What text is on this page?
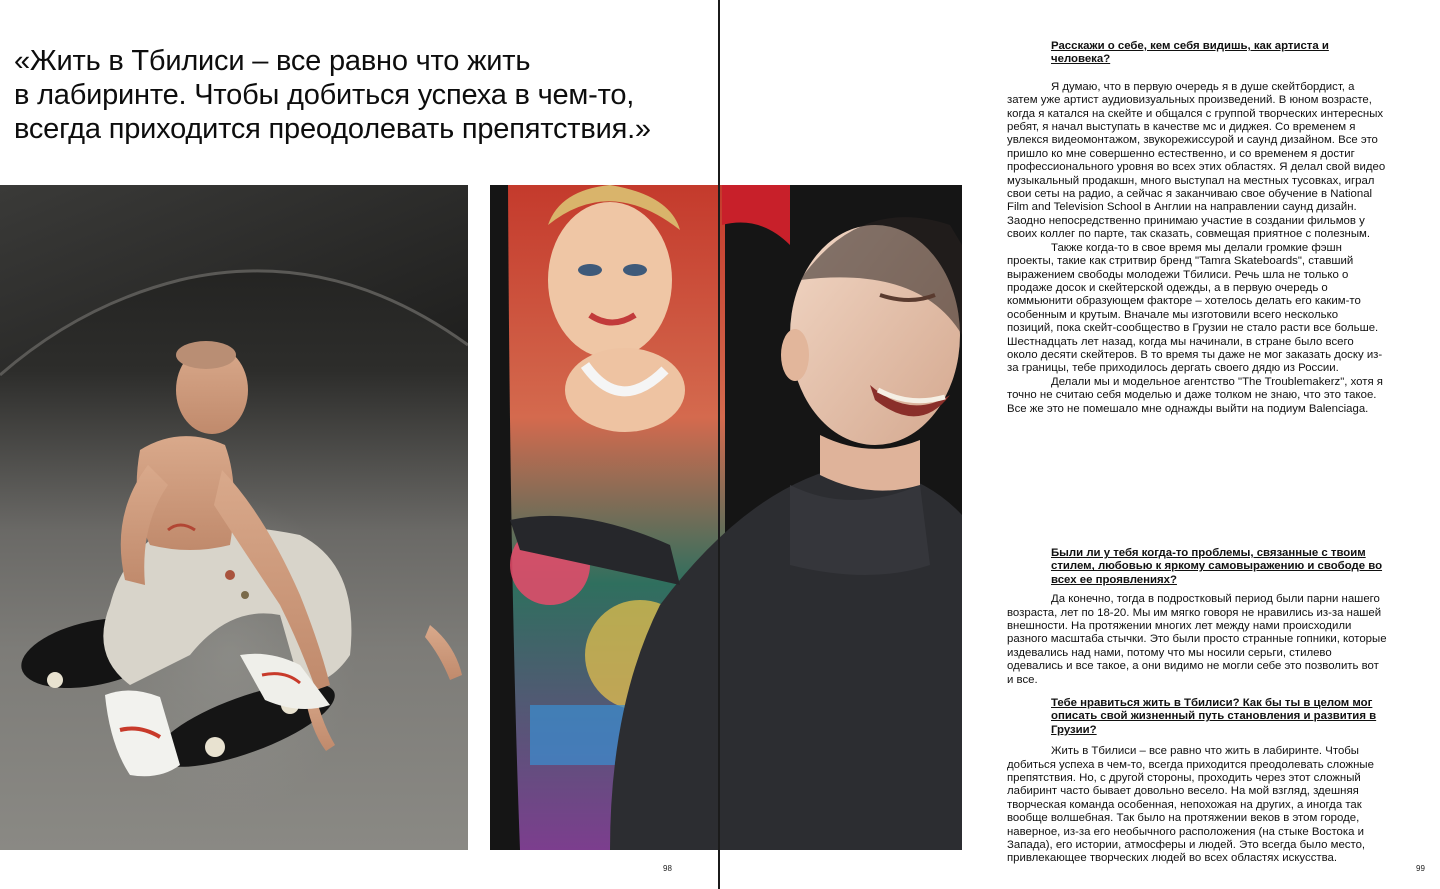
«Жить в Тбилиси – все равно что жить
в лабиринте. Чтобы добиться успеха в чем-то,
всегда приходится преодолевать препятствия.»
98	99

Расскажи о себе, кем себя видишь, как артиста и человека?

Я думаю, что в первую очередь я в душе скейтбордист, а затем уже артист аудиовизуальных произведений. В юном возрасте, когда я катался на скейте и общался с группой творческих интересных ребят, я начал выступать в качестве мс и диджея. Со временем я увлекся видеомонтажом, звукорежиссурой и саунд дизайном. Все это пришло ко мне совершенно естественно, и со временем я достиг профессионального уровня во всех этих областях. Я делал свой видео музыкальный продакшн, много выступал на местных тусовках, играл свои сеты на радио, а сейчас я заканчиваю свое обучение в National Film and Television School в Англии на направлении саунд дизайн. Заодно непосредственно принимаю участие в создании фильмов у своих коллег по парте, так сказать, совмещая приятное с полезным.

Также когда-то в свое время мы делали громкие фэшн проекты, такие как стритвир бренд "Tamra Skateboards", ставший выражением свободы молодежи Тбилиси. Речь шла не только о продаже досок и скейтерской одежды, а в первую очередь о коммьюнити образующем факторе – хотелось делать его каким-то особенным и крутым. Вначале мы изготовили всего несколько позиций, пока скейт-сообщество в Грузии не стало расти все больше. Шестнадцать лет назад, когда мы начинали, в стране было всего около десяти скейтеров. В то время ты даже не мог заказать доску из-за границы, тебе приходилось дергать своего дядю из России.

Делали мы и модельное агентство "The Troublemakerz", хотя я точно не считаю себя моделью и даже толком не знаю, что это такое. Все же это не помешало мне однажды выйти на подиум Balenciaga.

Были ли у тебя когда-то проблемы, связанные с твоим стилем, любовью к яркому самовыражению и свободе во всех ее проявлениях?

Да конечно, тогда в подростковый период были парни нашего возраста, лет по 18-20. Мы им мягко говоря не нравились из-за нашей внешности. На протяжении многих лет между нами происходили разного масштаба стычки. Это были просто странные гопники, которые издевались над нами, потому что мы носили серьги, стилево одевались и все такое, а они видимо не могли себе это позволить вот и все.

Тебе нравиться жить в Тбилиси? Как бы ты в целом мог описать свой жизненный путь становления и развития в Грузии?

Жить в Тбилиси – все равно что жить в лабиринте. Чтобы добиться успеха в чем-то, всегда приходится преодолевать сложные препятствия. Но, с другой стороны, проходить через этот сложный лабиринт часто бывает довольно весело. На мой взгляд, здешняя творческая команда особенная, непохожая на других, а иногда так вообще волшебная. Так было на протяжении веков в этом городе, наверное, из-за его необычного расположения (на стыке Востока и Запада), его истории, атмосферы и людей. Это всегда было место, привлекающее творческих людей во всех областях искусства.
